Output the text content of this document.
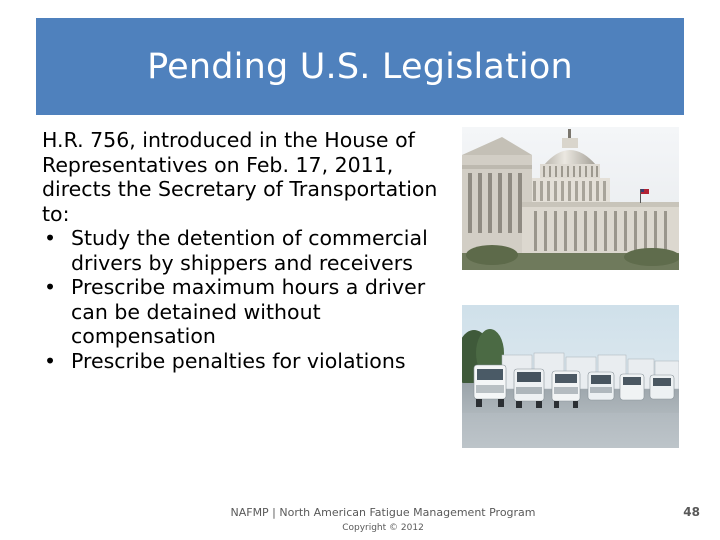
Pending U.S. Legislation

H.R. 756, introduced in the House of Representatives on Feb. 17, 2011, directs the Secretary of Transportation to:

• Study the detention of commercial drivers by shippers and receivers
• Prescribe maximum hours a driver can be detained without compensation
• Prescribe penalties for violations
NAFMP | North American Fatigue Management Program
Copyright © 2012
48
